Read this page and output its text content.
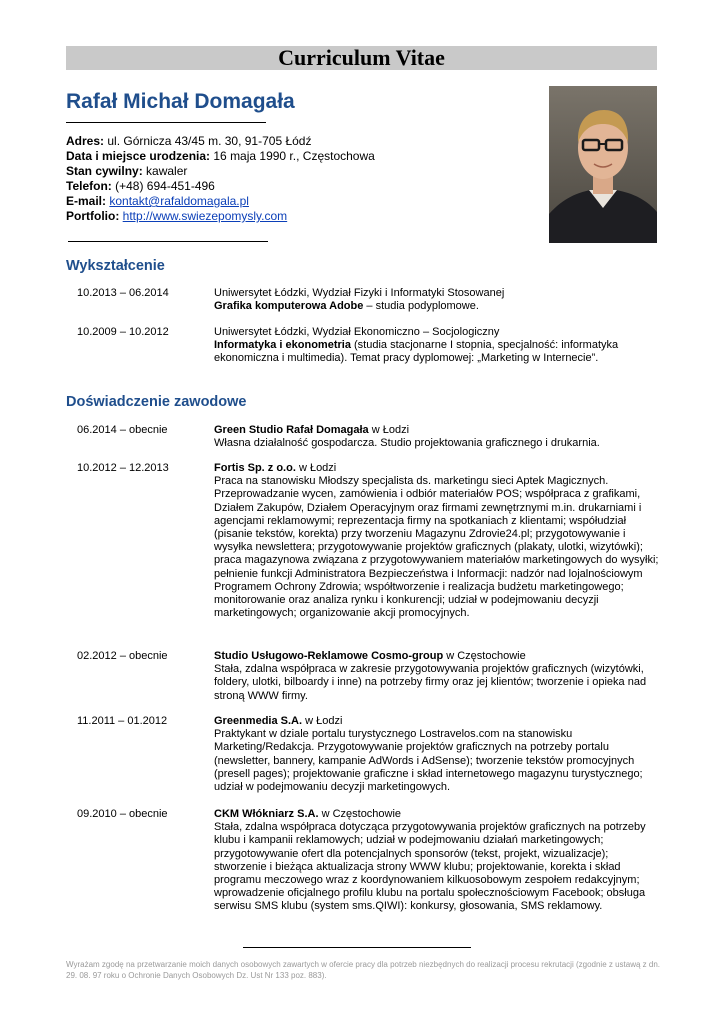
Curriculum Vitae
Rafał Michał Domagała
Adres: ul. Górnicza 43/45 m. 30, 91-705 Łódź
Data i miejsce urodzenia: 16 maja 1990 r., Częstochowa
Stan cywilny: kawaler
Telefon: (+48) 694-451-496
E-mail: kontakt@rafaldomagala.pl
Portfolio: http://www.swiezepomysly.com
Wykształcenie
10.2013 – 06.2014	Uniwersytet Łódzki, Wydział Fizyki i Informatyki Stosowanej
Grafika komputerowa Adobe – studia podyplomowe.
10.2009 – 10.2012	Uniwersytet Łódzki, Wydział Ekonomiczno – Socjologiczny
Informatyka i ekonometria (studia stacjonarne I stopnia, specjalność: informatyka ekonomiczna i multimedia). Temat pracy dyplomowej: „Marketing w Internecie”.
Doświadczenie zawodowe
06.2014 – obecnie	Green Studio Rafał Domagała w Łodzi
Własna działalność gospodarcza. Studio projektowania graficznego i drukarnia.
10.2012 – 12.2013	Fortis Sp. z o.o. w Łodzi
Praca na stanowisku Młodszy specjalista ds. marketingu sieci Aptek Magicznych. Przeprowadzanie wycen, zamówienia i odbiór materiałów POS; współpraca z grafikami, Działem Zakupów, Działem Operacyjnym oraz firmami zewnętrznymi m.in. drukarniami i agencjami reklamowymi; reprezentacja firmy na spotkaniach z klientami; współudział (pisanie tekstów, korekta) przy tworzeniu Magazynu Zdrovie24.pl; przygotowywanie i wysyłka newslettera; przygotowywanie projektów graficznych (plakaty, ulotki, wizytówki); praca magazynowa związana z przygotowywaniem materiałów marketingowych do wysyłki; pełnienie funkcji Administratora Bezpieczeństwa i Informacji: nadzór nad lojalnościowym Programem Ochrony Zdrowia; współtworzenie i realizacja budżetu marketingowego; monitorowanie oraz analiza rynku i konkurencji; udział w podejmowaniu decyzji marketingowych; organizowanie akcji promocyjnych.
02.2012 – obecnie	Studio Usługowo-Reklamowe Cosmo-group w Częstochowie
Stała, zdalna współpraca w zakresie przygotowywania projektów graficznych (wizytówki, foldery, ulotki, bilboardy i inne) na potrzeby firmy oraz jej klientów; tworzenie i opieka nad stroną WWW firmy.
11.2011 – 01.2012	Greenmedia S.A. w Łodzi
Praktykant w dziale portalu turystycznego Lostravelos.com na stanowisku Marketing/Redakcja. Przygotowywanie projektów graficznych na potrzeby portalu (newsletter, bannery, kampanie AdWords i AdSense); tworzenie tekstów promocyjnych (presell pages); projektowanie graficzne i skład internetowego magazynu turystycznego; udział w podejmowaniu decyzji marketingowych.
09.2010 – obecnie	CKM Włókniarz S.A. w Częstochowie
Stała, zdalna współpraca dotycząca przygotowywania projektów graficznych na potrzeby klubu i kampanii reklamowych; udział w podejmowaniu działań marketingowych; przygotowywanie ofert dla potencjalnych sponsorów (tekst, projekt, wizualizacje); stworzenie i bieżąca aktualizacja strony WWW klubu; projektowanie, korekta i skład programu meczowego wraz z koordynowaniem kilkuosobowym zespołem redakcyjnym; wprowadzenie oficjalnego profilu klubu na portalu społecznościowym Facebook; obsługa serwisu SMS klubu (system sms.QIWI): konkursy, głosowania, SMS reklamowy.
Wyrażam zgodę na przetwarzanie moich danych osobowych zawartych w ofercie pracy dla potrzeb niezbędnych do realizacji procesu rekrutacji (zgodnie z ustawą z dn. 29. 08. 97 roku o Ochronie Danych Osobowych Dz. Ust Nr 133 poz. 883).
